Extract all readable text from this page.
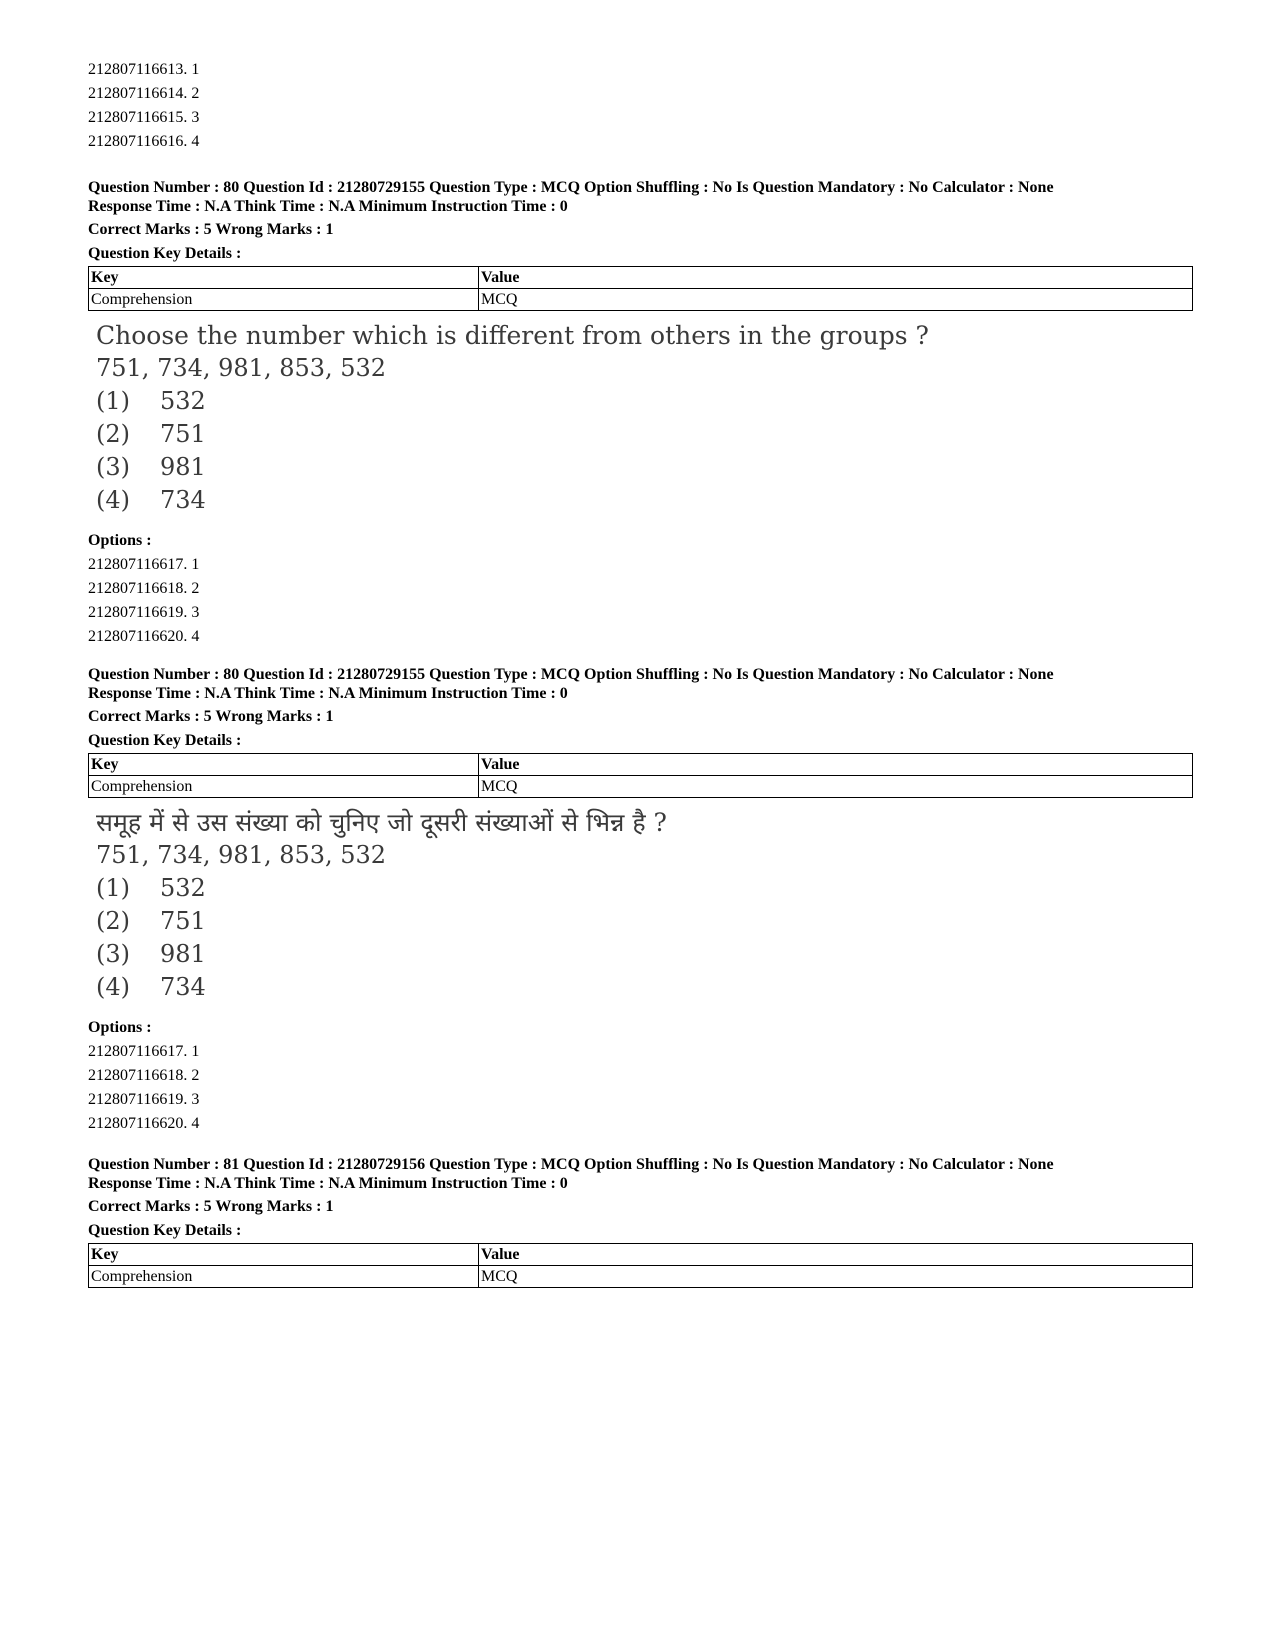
212807116613. 1
212807116614. 2
212807116615. 3
212807116616. 4
Question Number : 80 Question Id : 21280729155 Question Type : MCQ Option Shuffling : No Is Question Mandatory : No Calculator : None
Response Time : N.A Think Time : N.A Minimum Instruction Time : 0
Correct Marks : 5 Wrong Marks : 1
Question Key Details :
Key	Value
Comprehension	MCQ
Choose the number which is different from others in the groups ?
751, 734, 981, 853, 532
(1) 532
(2) 751
(3) 981
(4) 734
Options :
212807116617. 1
212807116618. 2
212807116619. 3
212807116620. 4
Question Number : 80 Question Id : 21280729155 Question Type : MCQ Option Shuffling : No Is Question Mandatory : No Calculator : None
Response Time : N.A Think Time : N.A Minimum Instruction Time : 0
Correct Marks : 5 Wrong Marks : 1
Question Key Details :
Key	Value
Comprehension	MCQ
समूह में से उस संख्या को चुनिए जो दूसरी संख्याओं से भिन्न है ?
751, 734, 981, 853, 532
(1) 532
(2) 751
(3) 981
(4) 734
Options :
212807116617. 1
212807116618. 2
212807116619. 3
212807116620. 4
Question Number : 81 Question Id : 21280729156 Question Type : MCQ Option Shuffling : No Is Question Mandatory : No Calculator : None
Response Time : N.A Think Time : N.A Minimum Instruction Time : 0
Correct Marks : 5 Wrong Marks : 1
Question Key Details :
Key	Value
Comprehension	MCQ
